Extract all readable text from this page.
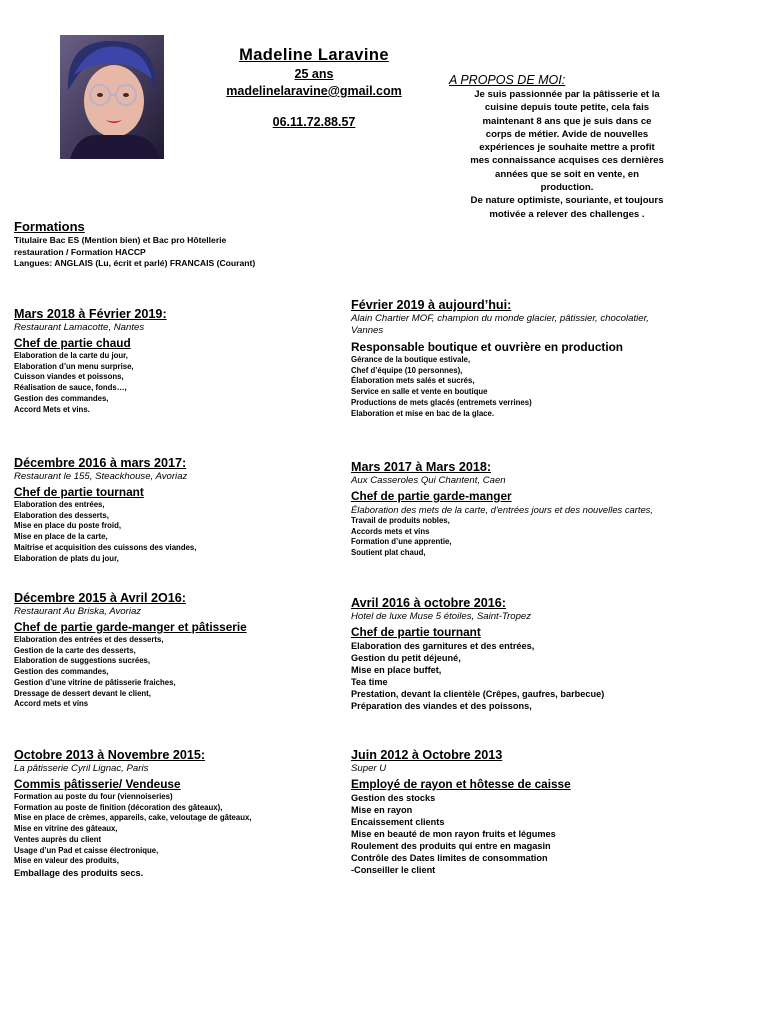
Madeline Laravine
25 ans
madelinelaravine@gmail.com
06.11.72.88.57
A PROPOS DE MOI:
Je suis passionnée par la pâtisserie et la
cuisine depuis toute petite, cela fais
maintenant 8 ans que je suis dans ce
corps de métier. Avide de nouvelles
expériences je souhaite mettre a profit
mes connaissance acquises ces dernières
années que se soit en vente, en
production.
De nature optimiste, souriante, et toujours
motivée a relever des challenges .
Formations
Titulaire Bac ES (Mention bien) et Bac pro Hôtellerie
restauration / Formation HACCP
Langues: ANGLAIS (Lu, écrit et parlé) FRANCAIS (Courant)
Mars 2018 à Février 2019:
Restaurant Lamacotte, Nantes
Chef de partie chaud
Elaboration de la carte du jour,
Elaboration d’un menu surprise,
Cuisson viandes et poissons,
Réalisation de sauce, fonds…,
Gestion des commandes,
Accord Mets et vins.
Février 2019 à aujourd’hui:
Alain Chartier MOF, champion du monde glacier, pâtissier, chocolatier, Vannes
Responsable boutique et ouvrière en production
Gérance de la boutique estivale,
Chef d’équipe (10 personnes),
Élaboration mets salés et sucrés,
Service en salle et vente en boutique
Productions de mets glacés (entremets verrines)
Elaboration et mise en bac de la glace.
Décembre 2016 à mars 2017:
Restaurant le 155, Steackhouse, Avoriaz
Chef de partie tournant
Elaboration des entrées,
Elaboration des desserts,
Mise en place du poste froid,
Mise en place de la carte,
Maitrise et acquisition des cuissons des viandes,
Elaboration de plats du jour,
Mars 2017 à Mars 2018:
Aux Casseroles Qui Chantent, Caen
Chef de partie garde-manger
Élaboration des mets de la carte, d'entrées jours et des nouvelles cartes,
Travail de produits nobles,
Accords mets et vins
Formation d’une apprentie,
Soutient plat chaud,
Décembre 2015 à Avril 2O16:
Restaurant Au Briska, Avoriaz
Chef de partie garde-manger et pâtisserie
Elaboration des entrées et des desserts,
Gestion de la carte des desserts,
Elaboration de suggestions sucrées,
Gestion des commandes,
Gestion d’une vitrine de pâtisserie fraiches,
Dressage de dessert devant le client,
Accord mets et vins
Avril 2016 à octobre 2016:
Hotel de luxe Muse 5 étoiles, Saint-Tropez
Chef de partie tournant
Elaboration des garnitures et des entrées,
Gestion du petit déjeuné,
Mise en place buffet,
Tea time
Prestation, devant la clientèle (Crêpes, gaufres, barbecue)
Préparation des viandes et des poissons,
Octobre 2013 à Novembre 2015:
La pâtisserie Cyril Lignac, Paris
Commis pâtisserie/ Vendeuse
Formation au poste du four (viennoiseries)
Formation au poste de finition (décoration des gâteaux),
Mise en place de crèmes, appareils, cake, veloutage de gâteaux,
Mise en vitrine des gâteaux,
Ventes auprès du client
Usage d’un Pad et caisse électronique,
Mise en valeur des produits,
Emballage des produits secs.
Juin 2012 à Octobre 2013
Super U
Employé de rayon et hôtesse de caisse
Gestion des stocks
Mise en rayon
Encaissement clients
Mise en beauté de mon rayon fruits et légumes
Roulement des produits qui entre en magasin
Contrôle des Dates limites de consommation
-Conseiller le client
